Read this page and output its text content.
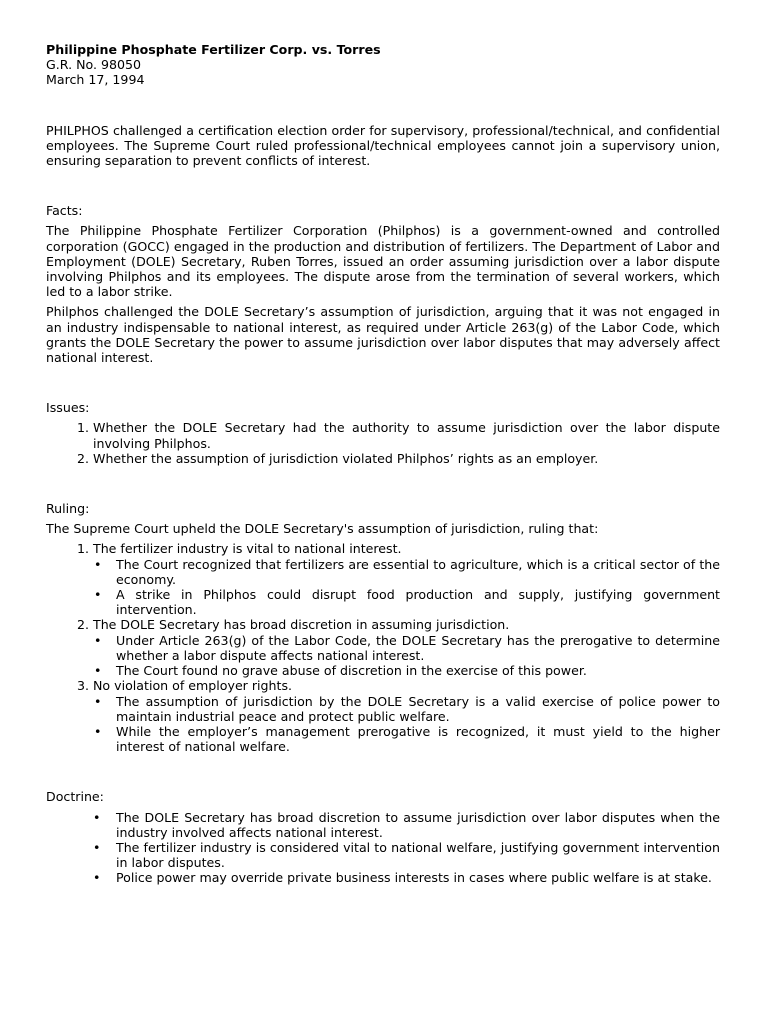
Philippine Phosphate Fertilizer Corp. vs. Torres

G.R. No. 98050

March 17, 1994

PHILPHOS challenged a certification election order for supervisory, professional/technical, and confidential employees. The Supreme Court ruled professional/technical employees cannot join a supervisory union, ensuring separation to prevent conflicts of interest.

Facts:

The Philippine Phosphate Fertilizer Corporation (Philphos) is a government-owned and controlled corporation (GOCC) engaged in the production and distribution of fertilizers. The Department of Labor and Employment (DOLE) Secretary, Ruben Torres, issued an order assuming jurisdiction over a labor dispute involving Philphos and its employees. The dispute arose from the termination of several workers, which led to a labor strike.

Philphos challenged the DOLE Secretary’s assumption of jurisdiction, arguing that it was not engaged in an industry indispensable to national interest, as required under Article 263(g) of the Labor Code, which grants the DOLE Secretary the power to assume jurisdiction over labor disputes that may adversely affect national interest.

Issues:

1. Whether the DOLE Secretary had the authority to assume jurisdiction over the labor dispute involving Philphos.
2. Whether the assumption of jurisdiction violated Philphos’ rights as an employer.

Ruling:

The Supreme Court upheld the DOLE Secretary's assumption of jurisdiction, ruling that:

1. The fertilizer industry is vital to national interest.
• The Court recognized that fertilizers are essential to agriculture, which is a critical sector of the economy.
• A strike in Philphos could disrupt food production and supply, justifying government intervention.
2. The DOLE Secretary has broad discretion in assuming jurisdiction.
• Under Article 263(g) of the Labor Code, the DOLE Secretary has the prerogative to determine whether a labor dispute affects national interest.
• The Court found no grave abuse of discretion in the exercise of this power.
3. No violation of employer rights.
• The assumption of jurisdiction by the DOLE Secretary is a valid exercise of police power to maintain industrial peace and protect public welfare.
• While the employer’s management prerogative is recognized, it must yield to the higher interest of national welfare.

Doctrine:

• The DOLE Secretary has broad discretion to assume jurisdiction over labor disputes when the industry involved affects national interest.
• The fertilizer industry is considered vital to national welfare, justifying government intervention in labor disputes.
• Police power may override private business interests in cases where public welfare is at stake.
